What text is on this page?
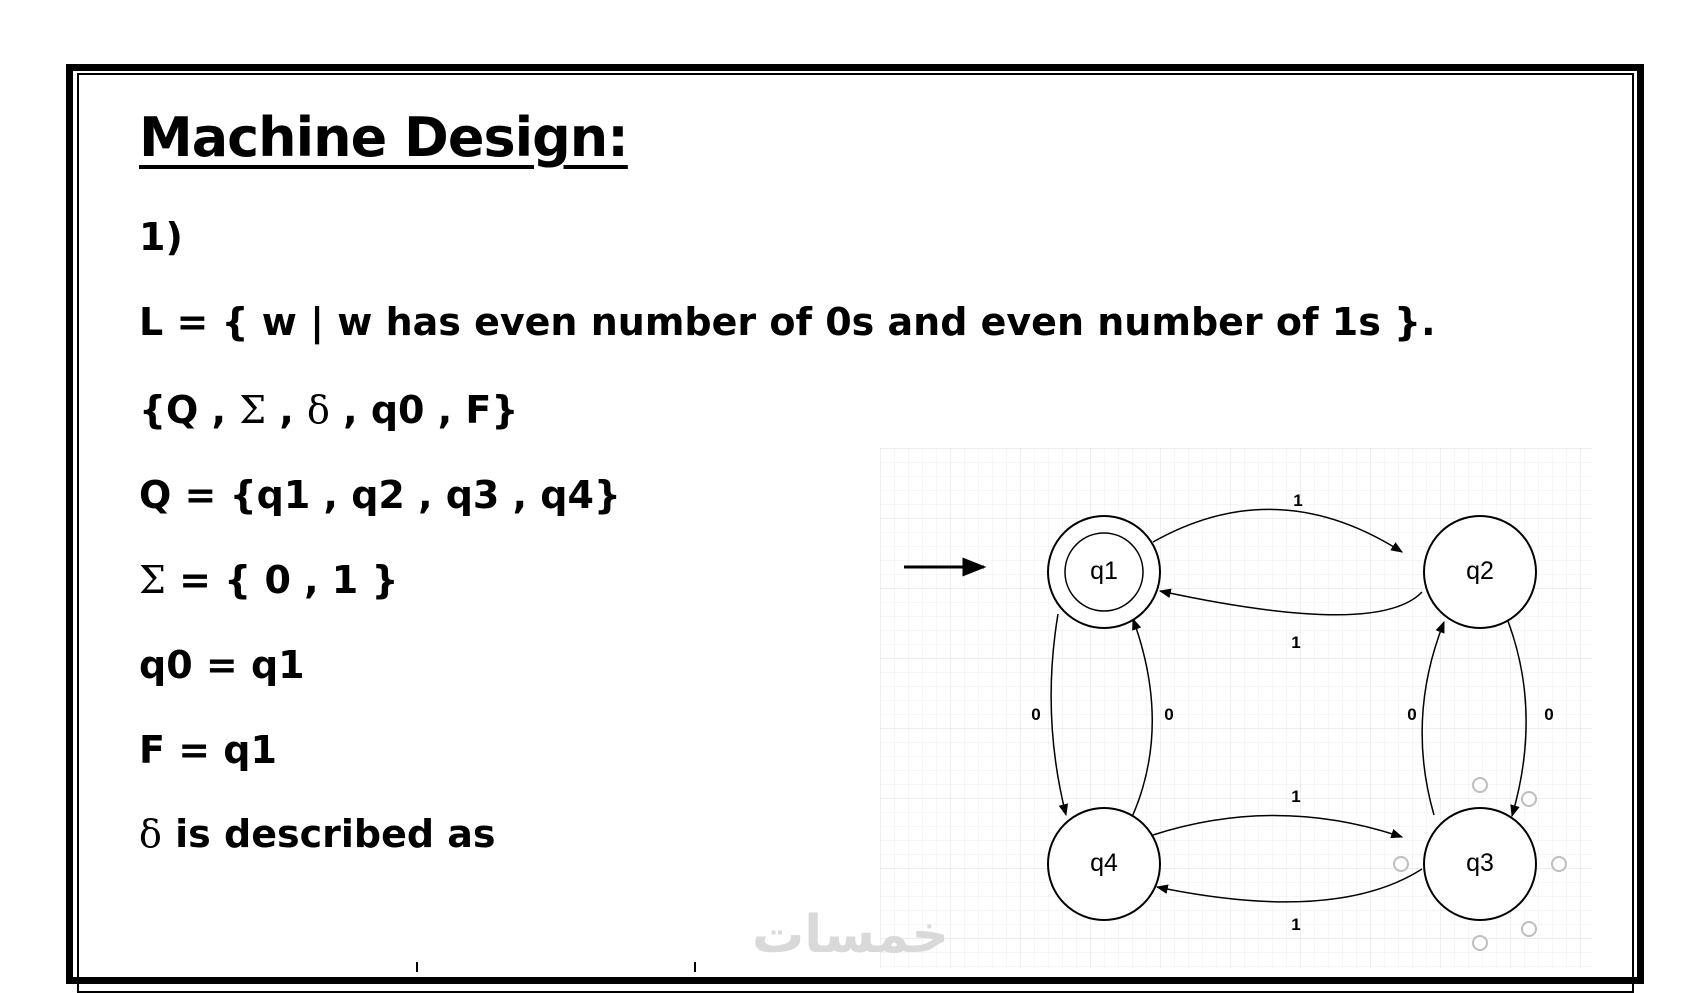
Machine Design:

1)

L = { w | w has even number of 0s and even number of 1s }.

{Q , Σ , δ , q0 , F}

Q = {q1 , q2 , q3 , q4}

Σ = { 0 , 1 }

q0 = q1

F = q1

δ is described as

1
1
1
1
0	0	0	0
q1	q2
q3
q4
خمسات
